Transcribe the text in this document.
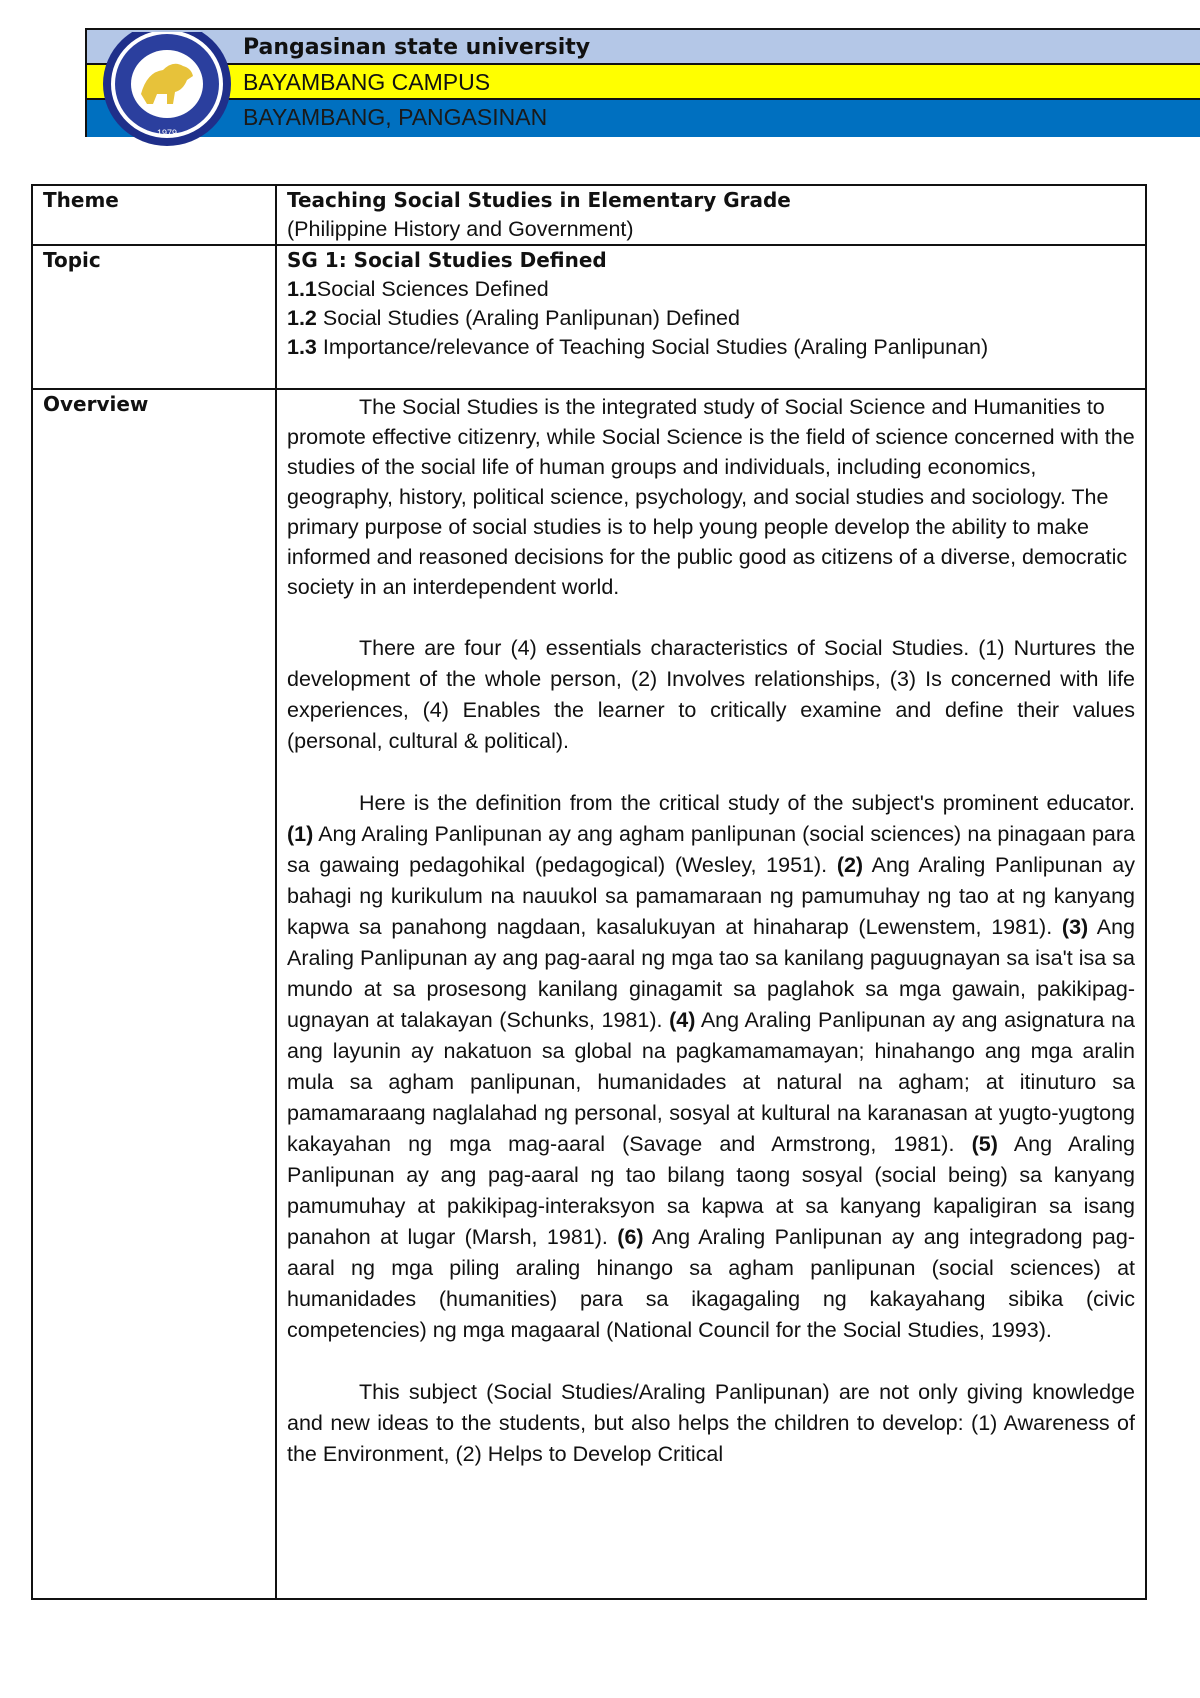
1979
Pangasinan state university
BAYAMBANG CAMPUS
BAYAMBANG, PANGASINAN
Theme	Teaching Social Studies in Elementary Grade
(Philippine History and Government)

Topic	SG 1: Social Studies Defined
1.1Social Sciences Defined
1.2 Social Studies (Araling Panlipunan) Defined
1.3 Importance/relevance of Teaching Social Studies (Araling Panlipunan)

Overview	The Social Studies is the integrated study of Social Science and Humanities to promote effective citizenry, while Social Science is the field of science concerned with the studies of the social life of human groups and individuals, including economics, geography, history, political science, psychology, and social studies and sociology. The primary purpose of social studies is to help young people develop the ability to make informed and reasoned decisions for the public good as citizens of a diverse, democratic society in an interdependent world.

There are four (4) essentials characteristics of Social Studies. (1) Nurtures the development of the whole person, (2) Involves relationships, (3) Is concerned with life experiences, (4) Enables the learner to critically examine and define their values (personal, cultural & political).

Here is the definition from the critical study of the subject's prominent educator. (1) Ang Araling Panlipunan ay ang agham panlipunan (social sciences) na pinagaan para sa gawaing pedagohikal (pedagogical) (Wesley, 1951). (2) Ang Araling Panlipunan ay bahagi ng kurikulum na nauukol sa pamamaraan ng pamumuhay ng tao at ng kanyang kapwa sa panahong nagdaan, kasalukuyan at hinaharap (Lewenstem, 1981). (3) Ang Araling Panlipunan ay ang pag-aaral ng mga tao sa kanilang paguugnayan sa isa't isa sa mundo at sa prosesong kanilang ginagamit sa paglahok sa mga gawain, pakikipag-ugnayan at talakayan (Schunks, 1981). (4) Ang Araling Panlipunan ay ang asignatura na ang layunin ay nakatuon sa global na pagkamamamayan; hinahango ang mga aralin mula sa agham panlipunan, humanidades at natural na agham; at itinuturo sa pamamaraang naglalahad ng personal, sosyal at kultural na karanasan at yugto-yugtong kakayahan ng mga mag-aaral (Savage and Armstrong, 1981). (5) Ang Araling Panlipunan ay ang pag-aaral ng tao bilang taong sosyal (social being) sa kanyang pamumuhay at pakikipag-interaksyon sa kapwa at sa kanyang kapaligiran sa isang panahon at lugar (Marsh, 1981). (6) Ang Araling Panlipunan ay ang integradong pag-aaral ng mga piling araling hinango sa agham panlipunan (social sciences) at humanidades (humanities) para sa ikagagaling ng kakayahang sibika (civic competencies) ng mga magaaral (National Council for the Social Studies, 1993).

This subject (Social Studies/Araling Panlipunan) are not only giving knowledge and new ideas to the students, but also helps the children to develop: (1) Awareness of the Environment, (2) Helps to Develop Critical
